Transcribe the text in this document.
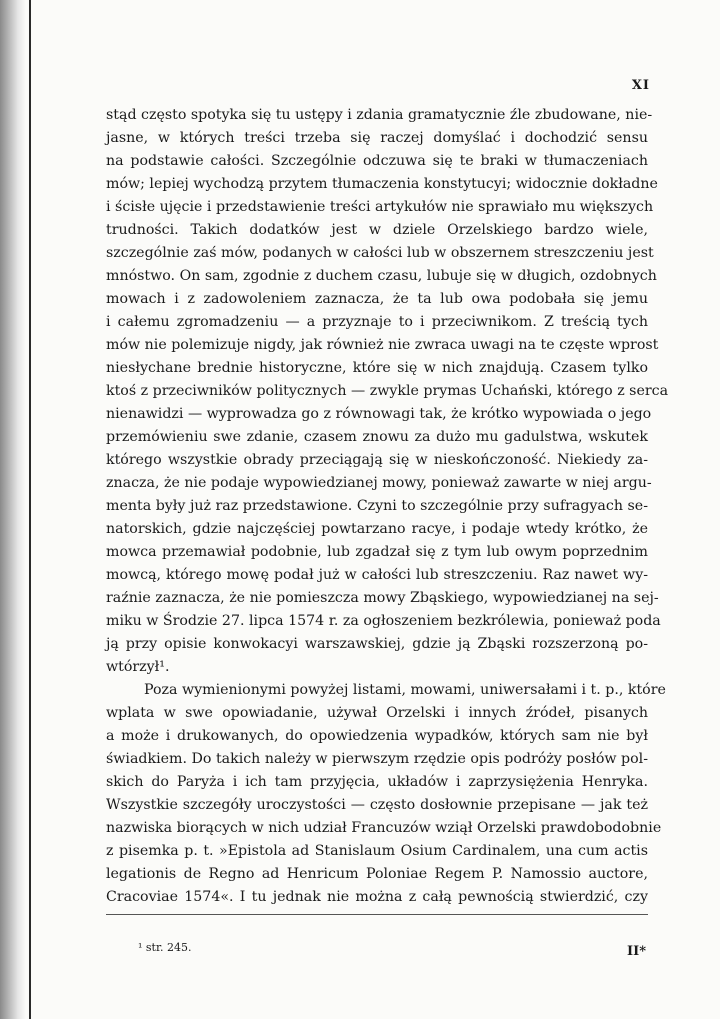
XI
stąd często spotyka się tu ustępy i zdania gramatycznie źle zbudowane, nie-
jasne, w których treści trzeba się raczej domyślać i dochodzić sensu
na podstawie całości. Szczególnie odczuwa się te braki w tłumaczeniach
mów; lepiej wychodzą przytem tłumaczenia konstytucyi; widocznie dokładne
i ścisłe ujęcie i przedstawienie treści artykułów nie sprawiało mu większych
trudności. Takich dodatków jest w dziele Orzelskiego bardzo wiele,
szczególnie zaś mów, podanych w całości lub w obszernem streszczeniu jest
mnóstwo. On sam, zgodnie z duchem czasu, lubuje się w długich, ozdobnych
mowach i z zadowoleniem zaznacza, że ta lub owa podobała się jemu
i całemu zgromadzeniu — a przyznaje to i przeciwnikom. Z treścią tych
mów nie polemizuje nigdy, jak również nie zwraca uwagi na te częste wprost
niesłychane brednie historyczne, które się w nich znajdują. Czasem tylko
ktoś z przeciwników politycznych — zwykle prymas Uchański, którego z serca
nienawidzi — wyprowadza go z równowagi tak, że krótko wypowiada o jego
przemówieniu swe zdanie, czasem znowu za dużo mu gadulstwa, wskutek
którego wszystkie obrady przeciągają się w nieskończoność. Niekiedy za-
znacza, że nie podaje wypowiedzianej mowy, ponieważ zawarte w niej argu-
menta były już raz przedstawione. Czyni to szczególnie przy sufragyach se-
natorskich, gdzie najczęściej powtarzano racye, i podaje wtedy krótko, że
mowca przemawiał podobnie, lub zgadzał się z tym lub owym poprzednim
mowcą, którego mowę podał już w całości lub streszczeniu. Raz nawet wy-
raźnie zaznacza, że nie pomieszcza mowy Zbąskiego, wypowiedzianej na sej-
miku w Środzie 27. lipca 1574 r. za ogłoszeniem bezkrólewia, ponieważ poda
ją przy opisie konwokacyi warszawskiej, gdzie ją Zbąski rozszerzoną po-
wtórzył¹.
Poza wymienionymi powyżej listami, mowami, uniwersałami i t. p., które
wplata w swe opowiadanie, używał Orzelski i innych źródeł, pisanych
a może i drukowanych, do opowiedzenia wypadków, których sam nie był
świadkiem. Do takich należy w pierwszym rzędzie opis podróży posłów pol-
skich do Paryża i ich tam przyjęcia, układów i zaprzysiężenia Henryka.
Wszystkie szczegóły uroczystości — często dosłownie przepisane — jak też
nazwiska biorących w nich udział Francuzów wziął Orzelski prawdobodobnie
z pisemka p. t. »Epistola ad Stanislaum Osium Cardinalem, una cum actis
legationis de Regno ad Henricum Poloniae Regem P. Namossio auctore,
Cracoviae 1574«. I tu jednak nie można z całą pewnością stwierdzić, czy
¹ str. 245.	II*
